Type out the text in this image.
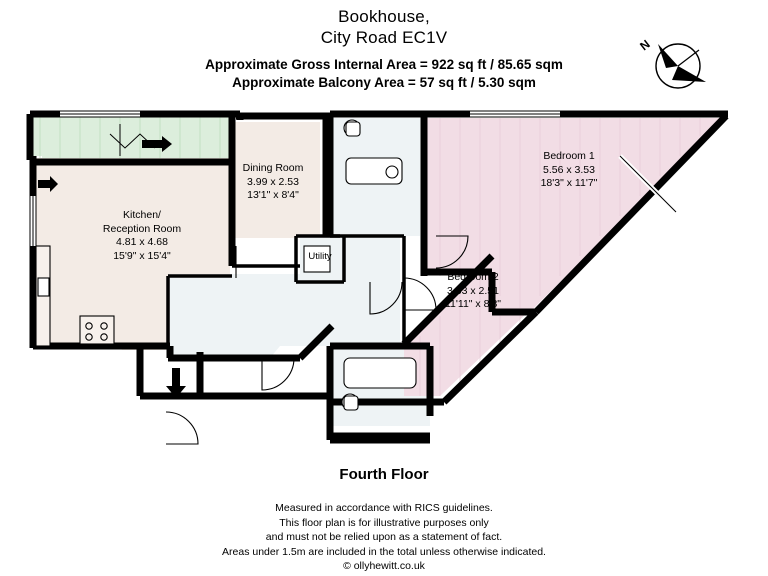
Bookhouse,
City Road EC1V
Approximate Gross Internal Area = 922 sq ft / 85.65 sqm
Approximate Balcony Area = 57 sq ft / 5.30 sqm
N
Kitchen/
Reception Room
4.81 x 4.68
15'9" x 15'4"
Dining Room
3.99 x 2.53
13'1" x 8'4"
Utility
Bedroom 1
5.56 x 3.53
18'3" x 11'7"
Bedroom 2
3.63 x 2.51
11'11" x 8'3"
Fourth Floor
Measured in accordance with RICS guidelines.
This floor plan is for illustrative purposes only
and must not be relied upon as a statement of fact.
Areas under 1.5m are included in the total unless otherwise indicated.
© ollyhewitt.co.uk
